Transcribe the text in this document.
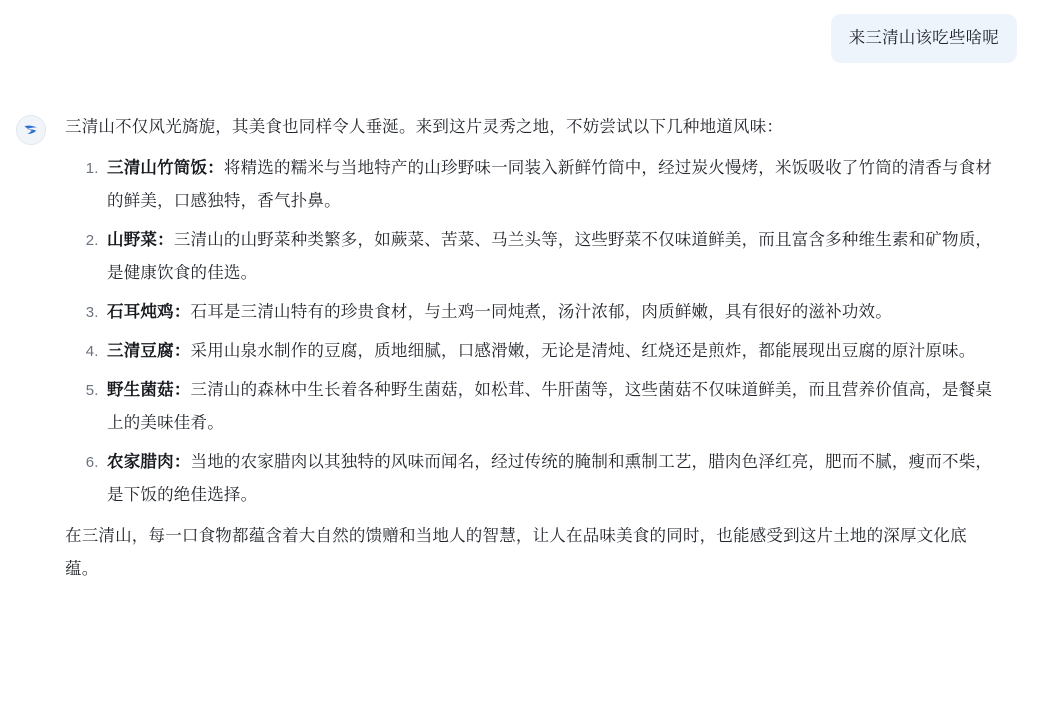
来三清山该吃些啥呢

三清山不仅风光旖旎，其美食也同样令人垂涎。来到这片灵秀之地，不妨尝试以下几种地道风味：

1. 三清山竹筒饭：将精选的糯米与当地特产的山珍野味一同装入新鲜竹筒中，经过炭火慢烤，米饭吸收了竹筒的清香与食材的鲜美，口感独特，香气扑鼻。
2. 山野菜：三清山的山野菜种类繁多，如蕨菜、苦菜、马兰头等，这些野菜不仅味道鲜美，而且富含多种维生素和矿物质，是健康饮食的佳选。
3. 石耳炖鸡：石耳是三清山特有的珍贵食材，与土鸡一同炖煮，汤汁浓郁，肉质鲜嫩，具有很好的滋补功效。
4. 三清豆腐：采用山泉水制作的豆腐，质地细腻，口感滑嫩，无论是清炖、红烧还是煎炸，都能展现出豆腐的原汁原味。
5. 野生菌菇：三清山的森林中生长着各种野生菌菇，如松茸、牛肝菌等，这些菌菇不仅味道鲜美，而且营养价值高，是餐桌上的美味佳肴。
6. 农家腊肉：当地的农家腊肉以其独特的风味而闻名，经过传统的腌制和熏制工艺，腊肉色泽红亮，肥而不腻，瘦而不柴，是下饭的绝佳选择。

在三清山，每一口食物都蕴含着大自然的馈赠和当地人的智慧，让人在品味美食的同时，也能感受到这片土地的深厚文化底蕴。
